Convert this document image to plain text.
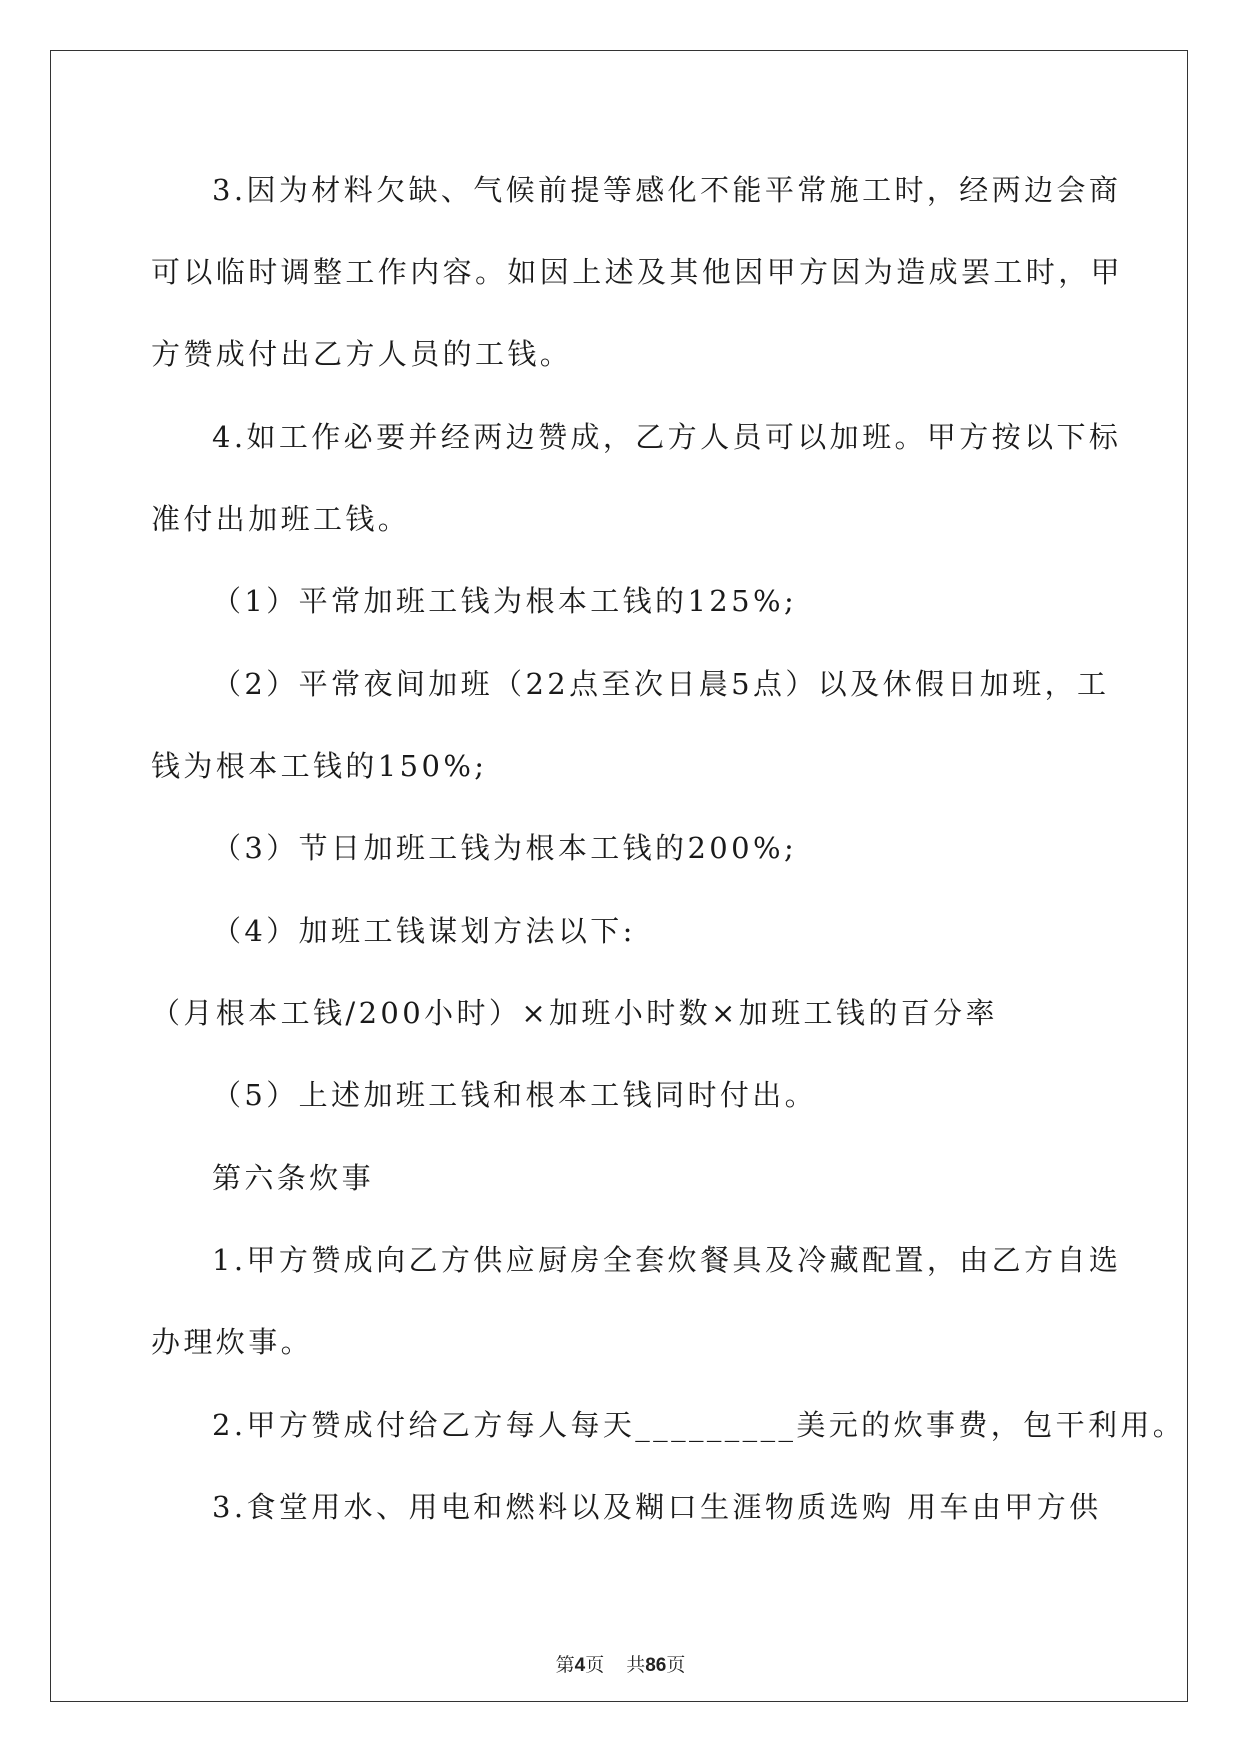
3.因为材料欠缺、气候前提等感化不能平常施工时，经两边会商
可以临时调整工作内容。如因上述及其他因甲方因为造成罢工时，甲
方赞成付出乙方人员的工钱。
4.如工作必要并经两边赞成，乙方人员可以加班。甲方按以下标
准付出加班工钱。
（1）平常加班工钱为根本工钱的125%;
（2）平常夜间加班（22点至次日晨5点）以及休假日加班，工
钱为根本工钱的150%;
（3）节日加班工钱为根本工钱的200%;
（4）加班工钱谋划方法以下:
（月根本工钱/200小时）×加班小时数×加班工钱的百分率
（5）上述加班工钱和根本工钱同时付出。
第六条炊事
1.甲方赞成向乙方供应厨房全套炊餐具及冷藏配置，由乙方自选
办理炊事。
2.甲方赞成付给乙方每人每天_________美元的炊事费，包干利用。
3.食堂用水、用电和燃料以及糊口生涯物质选购 用车由甲方供
第4页 共86页
